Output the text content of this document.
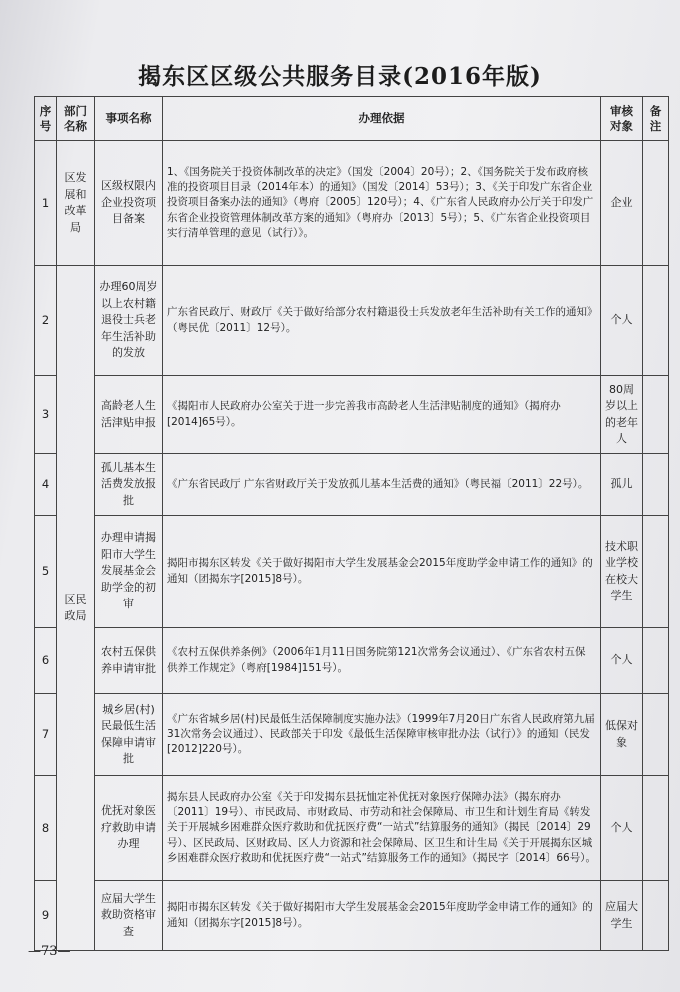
揭东区区级公共服务目录(2016年版)
序号	部门名称	事项名称	办理依据	审核对象	备注
1	区发展和改革局	区级权限内企业投资项目备案	1、《国务院关于投资体制改革的决定》（国发〔2004〕20号）；2、《国务院关于发布政府核准的投资项目目录（2014年本）的通知》（国发〔2014〕53号）；3、《关于印发广东省企业投资项目备案办法的通知》（粤府〔2005〕120号）；4、《广东省人民政府办公厅关于印发广东省企业投资管理体制改革方案的通知》（粤府办〔2013〕5号）；5、《广东省企业投资项目实行清单管理的意见（试行）》。	企业	
2	区民政局	办理60周岁以上农村籍退役士兵老年生活补助的发放	广东省民政厅、财政厅《关于做好给部分农村籍退役士兵发放老年生活补助有关工作的通知》（粤民优〔2011〕12号）。	个人	
3		高龄老人生活津贴申报	《揭阳市人民政府办公室关于进一步完善我市高龄老人生活津贴制度的通知》（揭府办[2014]65号）。	80周岁以上的老年人	
4		孤儿基本生活费发放报批	《广东省民政厅 广东省财政厅关于发放孤儿基本生活费的通知》（粤民福〔2011〕22号）。	孤儿	
5		办理申请揭阳市大学生发展基金会助学金的初审	揭阳市揭东区转发《关于做好揭阳市大学生发展基金会2015年度助学金申请工作的通知》的通知（团揭东字[2015]8号）。	技术职业学校在校大学生	
6		农村五保供养申请审批	《农村五保供养条例》（2006年1月11日国务院第121次常务会议通过）、《广东省农村五保供养工作规定》（粤府[1984]151号）。	个人	
7		城乡居(村)民最低生活保障申请审批	《广东省城乡居(村)民最低生活保障制度实施办法》（1999年7月20日广东省人民政府第九届31次常务会议通过）、民政部关于印发《最低生活保障审核审批办法（试行）》的通知（民发[2012]220号）。	低保对象	
8		优抚对象医疗救助申请办理	揭东县人民政府办公室《关于印发揭东县抚恤定补优抚对象医疗保障办法》（揭东府办〔2011〕19号）、市民政局、市财政局、市劳动和社会保障局、市卫生和计划生育局《转发关于开展城乡困难群众医疗救助和优抚医疗费“一站式”结算服务的通知》（揭民〔2014〕29号）、区民政局、区财政局、区人力资源和社会保障局、区卫生和计生局《关于开展揭东区城乡困难群众医疗救助和优抚医疗费“一站式”结算服务工作的通知》（揭民字〔2014〕66号）。	个人	
9		应届大学生救助资格审查	揭阳市揭东区转发《关于做好揭阳市大学生发展基金会2015年度助学金申请工作的通知》的通知（团揭东字[2015]8号）。	应届大学生	
—73—
